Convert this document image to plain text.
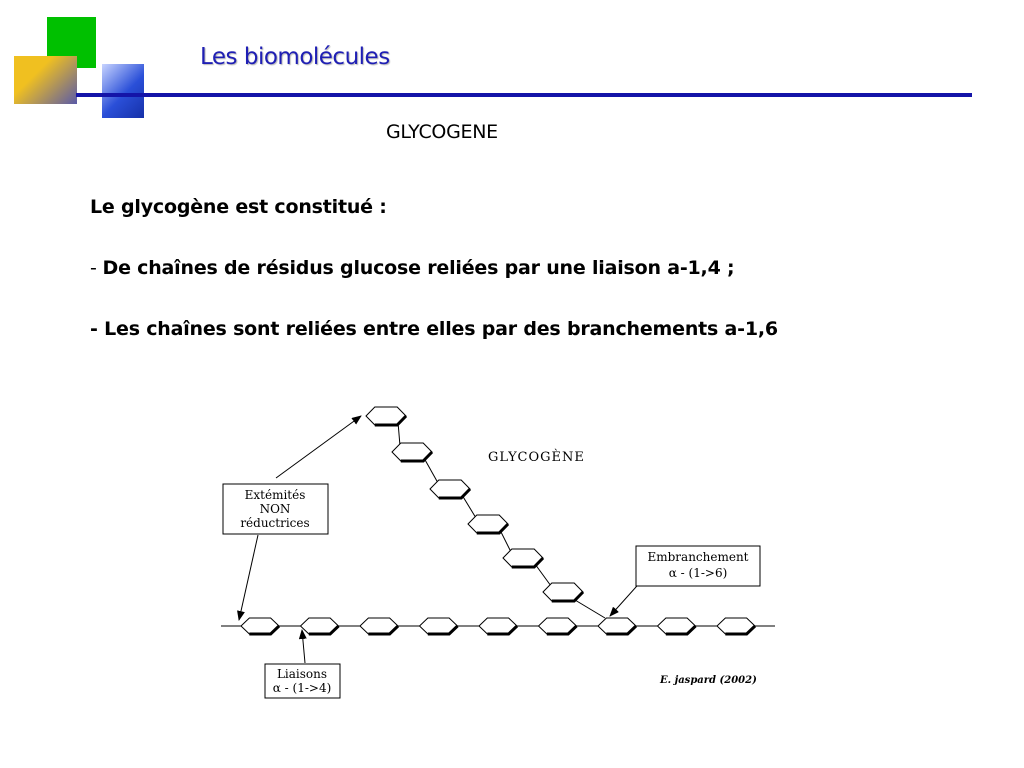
Les biomolécules
GLYCOGENE
Le glycogène est constitué :
- De chaînes de résidus glucose reliées par une liaison a-1,4 ;
- Les chaînes sont reliées entre elles par des branchements a-1,6
GLYCOGÈNE
Extémités
NON
réductrices
Embranchement
α - (1->6)
Liaisons
α - (1->4)
E. jaspard (2002)
